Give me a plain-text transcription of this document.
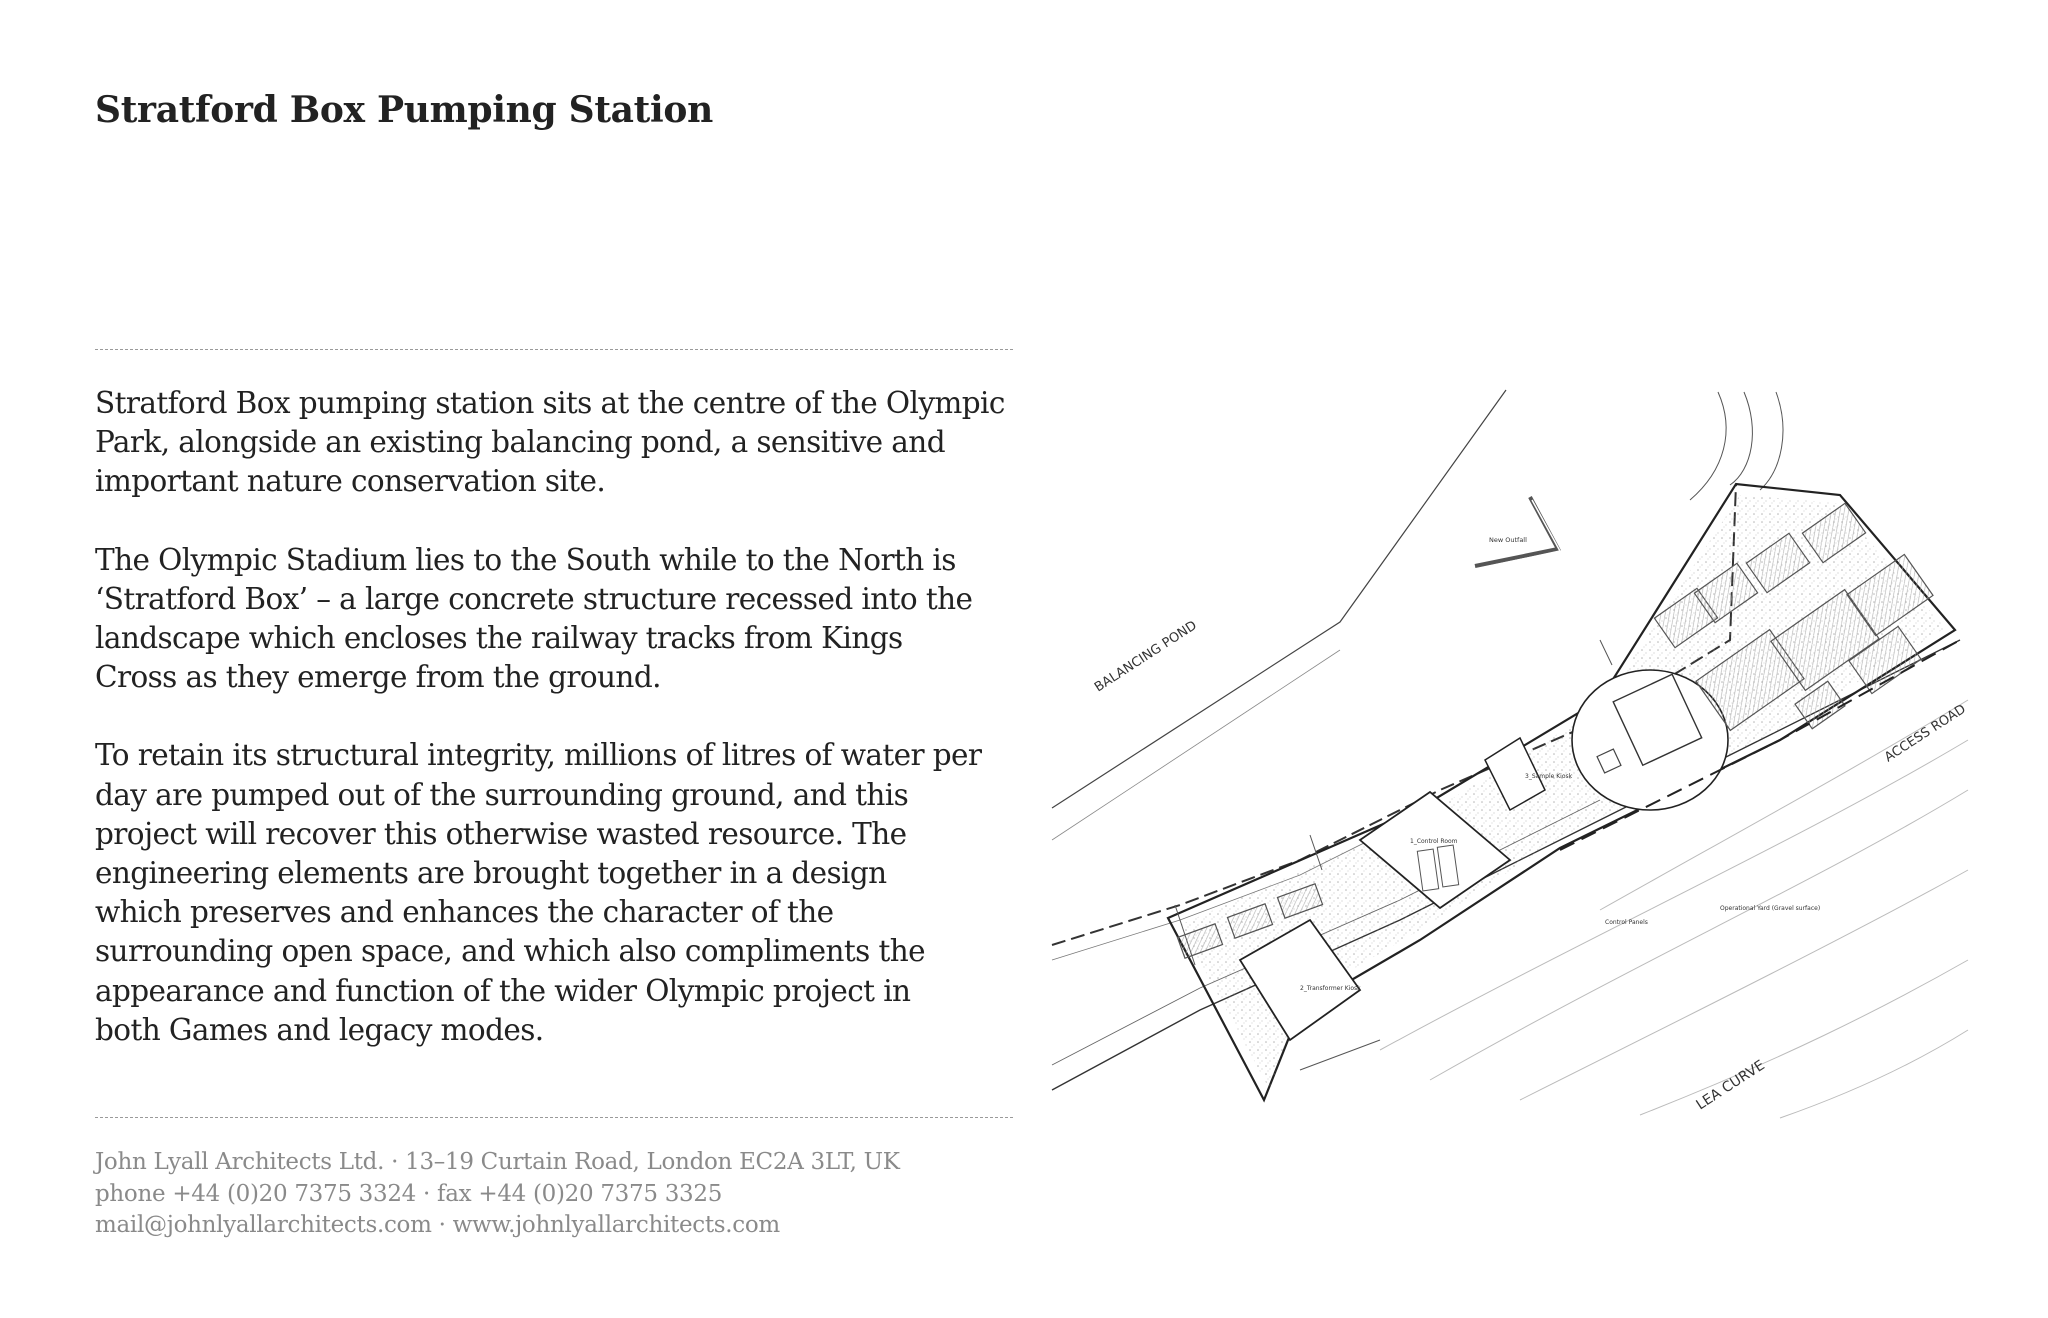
Stratford Box Pumping Station

Stratford Box pumping station sits at the centre of the Olympic
Park, alongside an existing balancing pond, a sensitive and
important nature conservation site.

The Olympic Stadium lies to the South while to the North is
‘Stratford Box’ – a large concrete structure recessed into the
landscape which encloses the railway tracks from Kings
Cross as they emerge from the ground.

To retain its structural integrity, millions of litres of water per
day are pumped out of the surrounding ground, and this
project will recover this otherwise wasted resource. The
engineering elements are brought together in a design
which preserves and enhances the character of the
surrounding open space, and which also compliments the
appearance and function of the wider Olympic project in
both Games and legacy modes.

John Lyall Architects Ltd. · 13–19 Curtain Road, London EC2A 3LT, UK
phone +44 (0)20 7375 3324 · fax +44 (0)20 7375 3325
mail@johnlyallarchitects.com · www.johnlyallarchitects.com
BALANCING POND
New Outfall
ACCESS ROAD
LEA CURVE
1_Control Room
2_Transformer Kiosk
3_Sample Kiosk
Control Panels
Operational Yard (Gravel surface)
